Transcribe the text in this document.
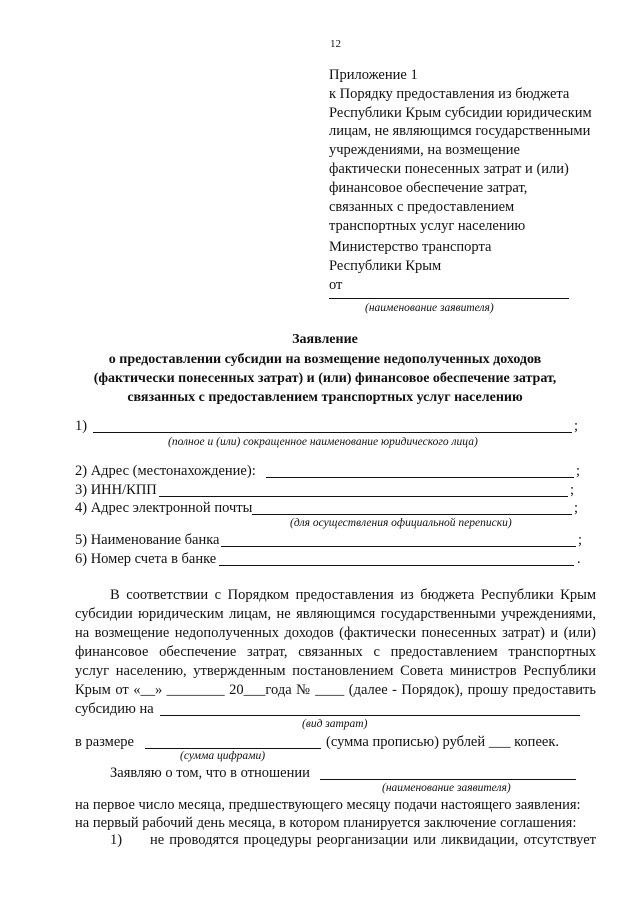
12
Приложение 1
к Порядку предоставления из бюджета
Республики Крым субсидии юридическим
лицам, не являющимся государственными
учреждениями, на возмещение
фактически понесенных затрат и (или)
финансовое обеспечение затрат,
связанных с предоставлением
транспортных услуг населению
Министерство транспорта
Республики Крым
от
(наименование заявителя)
Заявление
о предоставлении субсидии на возмещение недополученных доходов
(фактически понесенных затрат) и (или) финансовое обеспечение затрат,
связанных с предоставлением транспортных услуг населению
1)	;
(полное и (или) сокращенное наименование юридического лица)
2) Адрес (местонахождение):	;
3) ИНН/КПП	;
4) Адрес электронной почты	;
(для осуществления официальной переписки)
5) Наименование банка	;
6) Номер счета в банке	.
В соответствии с Порядком предоставления из бюджета Республики Крым
субсидии юридическим лицам, не являющимся государственными учреждениями,
на возмещение недополученных доходов (фактически понесенных затрат) и (или)
финансовое обеспечение затрат, связанных с предоставлением транспортных
услуг населению, утвержденным постановлением Совета министров Республики
Крым от «__» ________ 20___года № ____ (далее - Порядок), прошу предоставить
субсидию на
(вид затрат)
в размере	(сумма прописью) рублей ___ копеек.
(сумма цифрами)
Заявляю о том, что в отношении
(наименование заявителя)
на первое число месяца, предшествующего месяцу подачи настоящего заявления:
на первый рабочий день месяца, в котором планируется заключение соглашения:
1) не проводятся процедуры реорганизации или ликвидации, отсутствует
